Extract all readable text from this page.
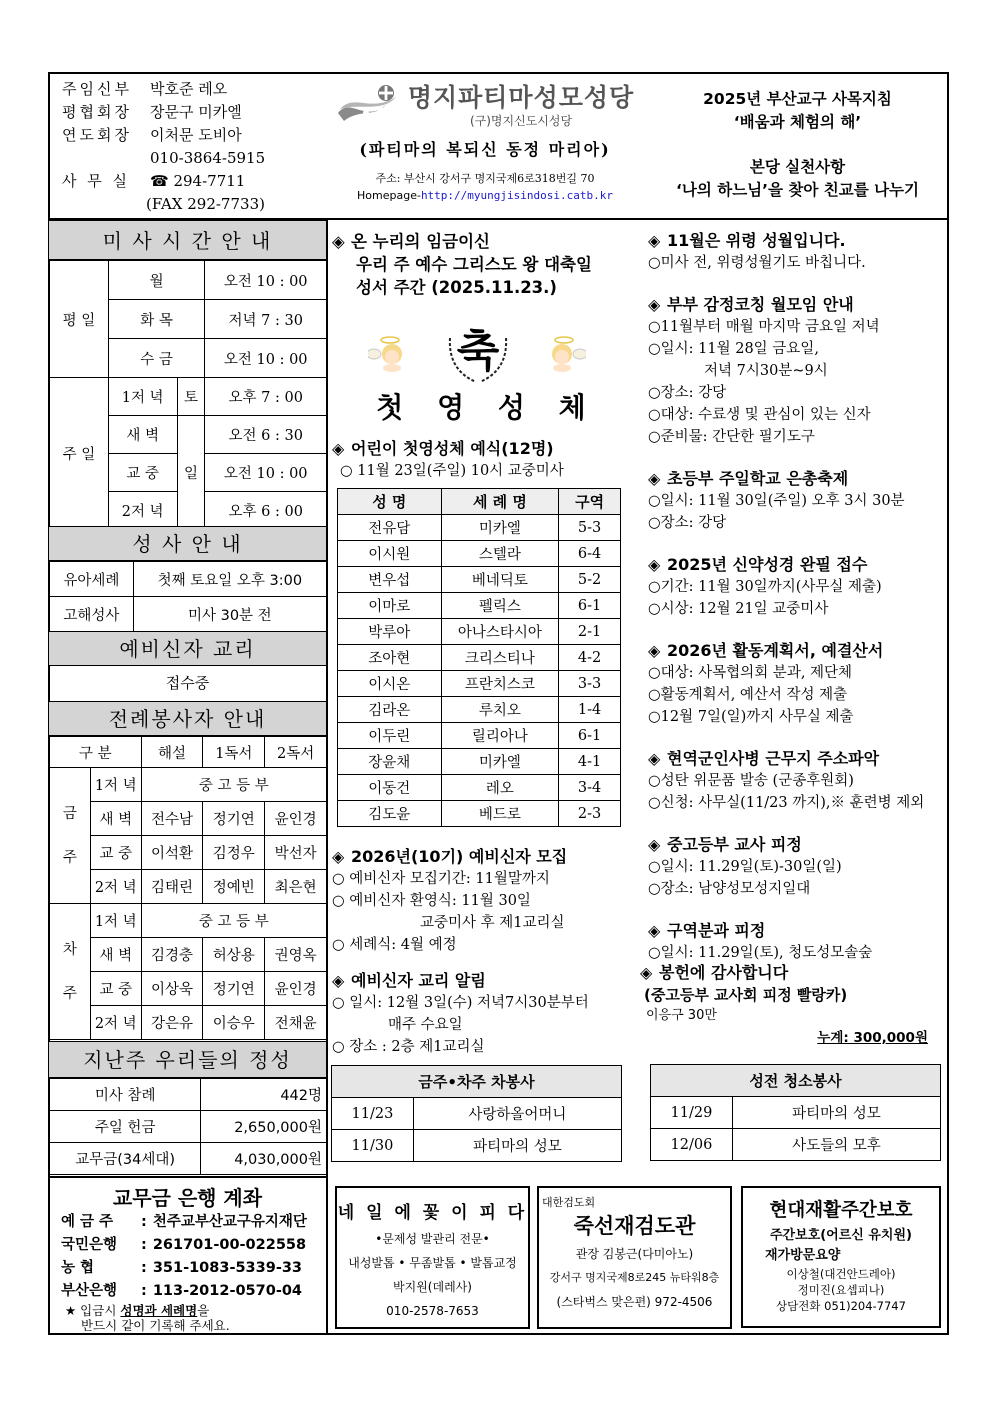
주임신부	박호준 레오
평협회장	장문구 미카엘
연도회장	이처문 도비아
010-3864-5915
사 무 실	☎ 294-7711
(FAX 292-7733)
명지파티마성모성당
(구)명지신도시성당
(파티마의 복되신 동정 마리아)
주소: 부산시 강서구 명지국제6로318번길 70
Homepage-http://myungjisindosi.catb.kr
2025년 부산교구 사목지침
‘배움과 체험의 해’
본당 실천사항
‘나의 하느님’을 찾아 친교를 나누기
미 사 시 간 안 내
평 일	월		오전 10 : 00
	화 목		저녁 7 : 30
	수 금		오전 10 : 00
주 일	1저 녁	토	오후 7 : 00
	새 벽	일	오전 6 : 30
	교 중		오전 10 : 00
	2저 녁		오후 6 : 00
성 사 안 내
유아세례	첫째 토요일 오후 3:00
고해성사	미사 30분 전
예비신자 교리
접수중
전례봉사자 안내
구 분		해설	1독서	2독서

금
주	1저 녁	중 고 등 부		
	새 벽	전수남	정기연	윤인경
	교 중	이석환	김정우	박선자
	2저 녁	김태린	정예빈	최은현

차
주	1저 녁	중 고 등 부		
	새 벽	김경충	허상용	권영옥
	교 중	이상욱	정기연	윤인경
	2저 녁	강은유	이승우	전채윤
지난주 우리들의 정성
미사 참례	442명
주일 헌금	2,650,000원
교무금(34세대)	4,030,000원
교무금 은행 계좌
예 금 주	: 천주교부산교구유지재단
국민은행	: 261701-00-022558
농 협	: 351-1083-5339-33
부산은행	: 113-2012-0570-04
★ 입금시 성명과 세례명을
반드시 같이 기록해 주세요.
◈ 온 누리의 임금이신
우리 주 예수 그리스도 왕 대축일
성서 주간 (2025.11.23.)
축
첫 영 성 체
◈ 어린이 첫영성체 예식(12명)
○ 11월 23일(주일) 10시 교중미사
성 명	세 례 명	구역
전유담	미카엘	5-3
이시원	스텔라	6-4
변우섭	베네딕토	5-2
이마로	펠릭스	6-1
박루아	아나스타시아	2-1
조아현	크리스티나	4-2
이시온	프란치스코	3-3
김라온	루치오	1-4
이두린	릴리아나	6-1
장윤채	미카엘	4-1
이동건	레오	3-4
김도윤	베드로	2-3
◈ 2026년(10기) 예비신자 모집
○ 예비신자 모집기간: 11월말까지
○ 예비신자 환영식: 11월 30일
교중미사 후 제1교리실
○ 세례식: 4월 예정
◈ 예비신자 교리 알림
○ 일시: 12월 3일(수) 저녁7시30분부터
매주 수요일
○ 장소 : 2층 제1교리실
◈ 11월은 위령 성월입니다.
○미사 전, 위령성월기도 바칩니다.
◈ 부부 감정코칭 월모임 안내
○11월부터 매월 마지막 금요일 저녁
○일시: 11월 28일 금요일,
저녁 7시30분~9시
○장소: 강당
○대상: 수료생 및 관심이 있는 신자
○준비물: 간단한 필기도구
◈ 초등부 주일학교 은총축제
○일시: 11월 30일(주일) 오후 3시 30분
○장소: 강당
◈ 2025년 신약성경 완필 접수
○기간: 11월 30일까지(사무실 제출)
○시상: 12월 21일 교중미사
◈ 2026년 활동계획서, 예결산서
○대상: 사목협의회 분과, 제단체
○활동계획서, 예산서 작성 제출
○12월 7일(일)까지 사무실 제출
◈ 현역군인사병 근무지 주소파악
○성탄 위문품 발송 (군종후원회)
○신청: 사무실(11/23 까지),※ 훈련병 제외
◈ 중고등부 교사 피정
○일시: 11.29일(토)-30일(일)
○장소: 남양성모성지일대
◈ 구역분과 피정
○일시: 11.29일(토), 청도성모솔숲
◈ 봉헌에 감사합니다
(중고등부 교사회 피정 빨랑카)
이응구 30만
누계: 300,000원
금주•차주 차봉사	
11/23	사랑하올어머니
11/30	파티마의 성모
성전 청소봉사	
11/29	파티마의 성모
12/06	사도들의 모후
네 일 에 꽃 이 피 다
•문제성 발관리 전문•
내성발톱 • 무좀발톱 • 발톱교정
박지원(데레사)
010-2578-7653
대한검도회
죽선재검도관
관장 김봉근(다미아노)
강서구 명지국제8로245 뉴타워8층
(스타벅스 맞은편) 972-4506
현대재활주간보호
주간보호(어르신 유치원)
재가방문요양
이상철(대건안드레아)
정미진(요셉피나)
상담전화 051)204-7747
